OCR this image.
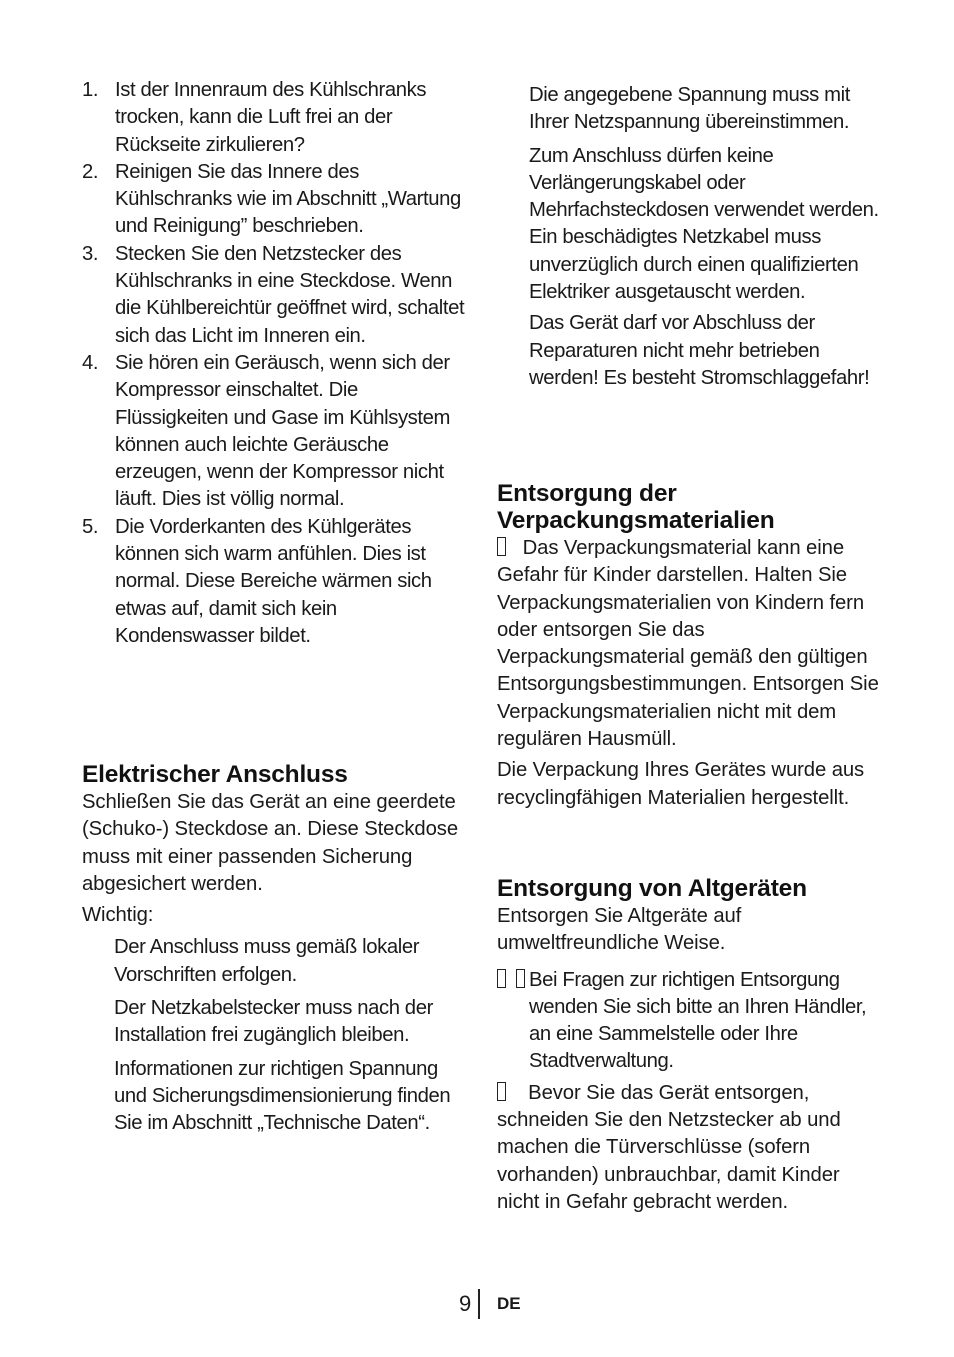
1. Ist der Innenraum des Kühlschranks trocken, kann die Luft frei an der Rückseite zirkulieren?
2. Reinigen Sie das Innere des Kühlschranks wie im Abschnitt „Wartung und Reinigung” beschrieben.
3. Stecken Sie den Netzstecker des Kühlschranks in eine Steckdose. Wenn die Kühlbereichtür geöffnet wird, schaltet sich das Licht im Inneren ein.
4. Sie hören ein Geräusch, wenn sich der Kompressor einschaltet. Die Flüssigkeiten und Gase im Kühlsystem können auch leichte Geräusche erzeugen, wenn der Kompressor nicht läuft. Dies ist völlig normal.
5. Die Vorderkanten des Kühlgerätes können sich warm anfühlen. Dies ist normal. Diese Bereiche wärmen sich etwas auf, damit sich kein Kondenswasser bildet.
Elektrischer Anschluss

Schließen Sie das Gerät an eine geerdete (Schuko-) Steckdose an. Diese Steckdose muss mit einer passenden Sicherung abgesichert werden.

Wichtig:

Der Anschluss muss gemäß lokaler Vorschriften erfolgen.

Der Netzkabelstecker muss nach der Installation frei zugänglich bleiben.

Informationen zur richtigen Spannung und Sicherungsdimensionierung finden Sie im Abschnitt „Technische Daten“.

Die angegebene Spannung muss mit Ihrer Netzspannung übereinstimmen.

Zum Anschluss dürfen keine Verlängerungskabel oder Mehrfachsteckdosen verwendet werden.

Ein beschädigtes Netzkabel muss unverzüglich durch einen qualifizierten Elektriker ausgetauscht werden.

Das Gerät darf vor Abschluss der Reparaturen nicht mehr betrieben werden! Es besteht Stromschlaggefahr!

Entsorgung der
Verpackungsmaterialien

Das Verpackungsmaterial kann eine Gefahr für Kinder darstellen. Halten Sie Verpackungsmaterialien von Kindern fern oder entsorgen Sie das Verpackungsmaterial gemäß den gültigen Entsorgungsbestimmungen. Entsorgen Sie Verpackungsmaterialien nicht mit dem regulären Hausmüll.

Die Verpackung Ihres Gerätes wurde aus recyclingfähigen Materialien hergestellt.

Entsorgung von Altgeräten

Entsorgen Sie Altgeräte auf umweltfreundliche Weise.

Bei Fragen zur richtigen Entsorgung wenden Sie sich bitte an Ihren Händler, an eine Sammelstelle oder Ihre Stadtverwaltung.

Bevor Sie das Gerät entsorgen, schneiden Sie den Netzstecker ab und machen die Türverschlüsse (sofern vorhanden) unbrauchbar, damit Kinder nicht in Gefahr gebracht werden.

9 DE
